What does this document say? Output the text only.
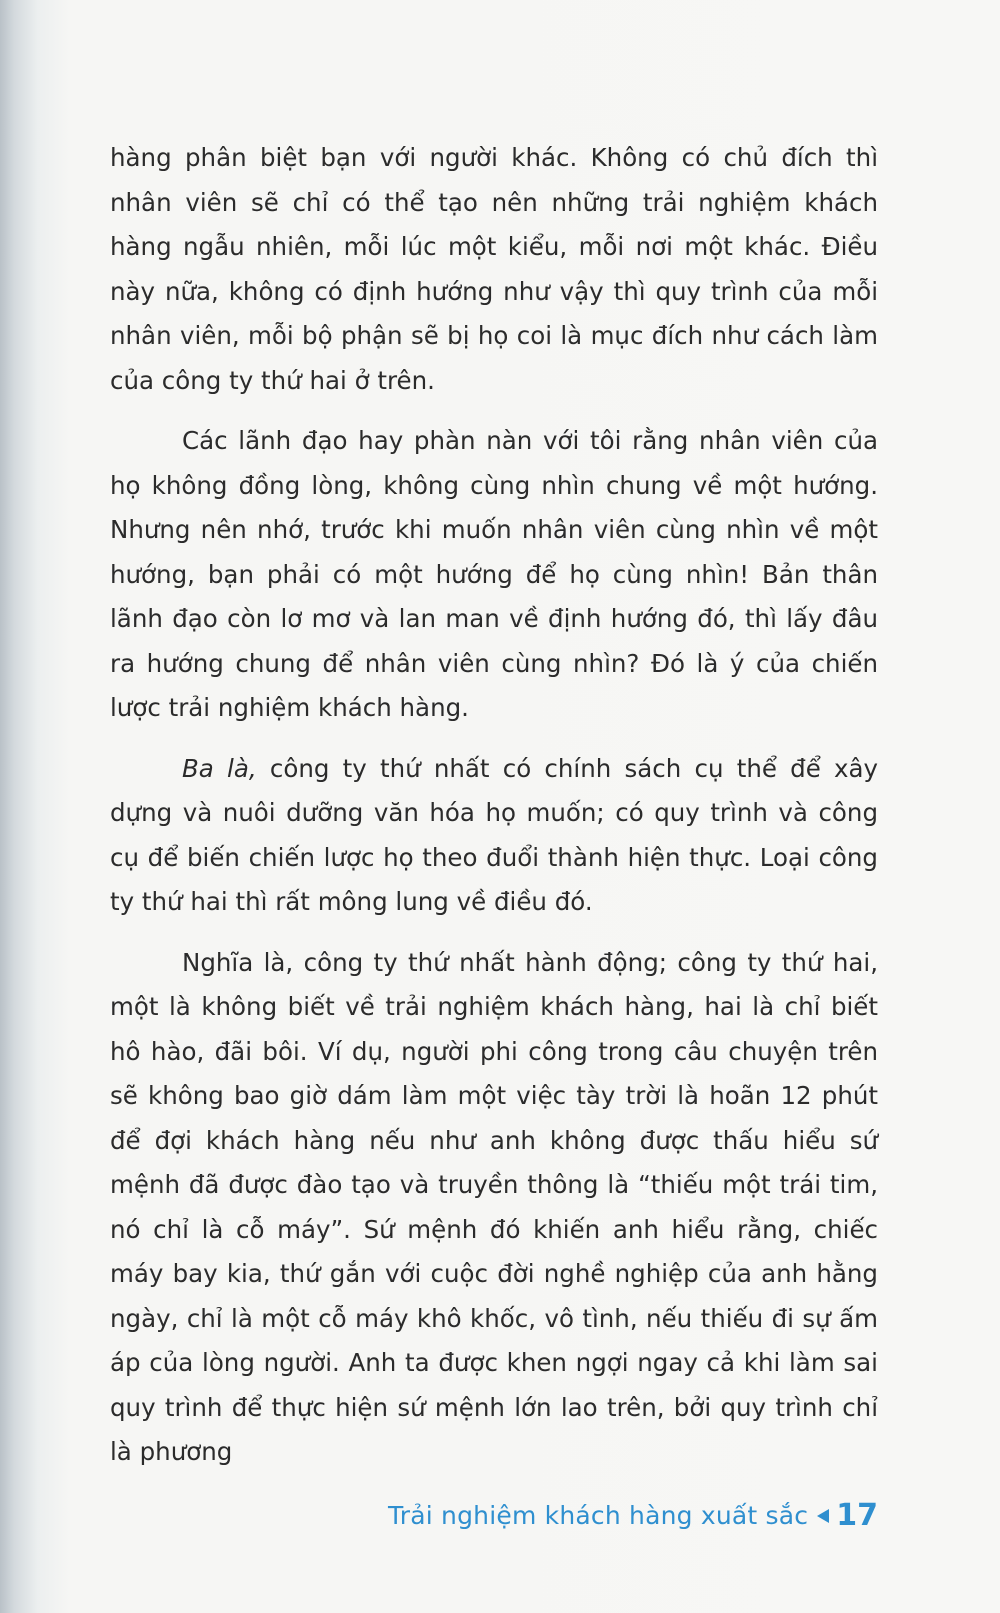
hàng phân biệt bạn với người khác. Không có chủ đích thì nhân viên sẽ chỉ có thể tạo nên những trải nghiệm khách hàng ngẫu nhiên, mỗi lúc một kiểu, mỗi nơi một khác. Điều này nữa, không có định hướng như vậy thì quy trình của mỗi nhân viên, mỗi bộ phận sẽ bị họ coi là mục đích như cách làm của công ty thứ hai ở trên.

Các lãnh đạo hay phàn nàn với tôi rằng nhân viên của họ không đồng lòng, không cùng nhìn chung về một hướng. Nhưng nên nhớ, trước khi muốn nhân viên cùng nhìn về một hướng, bạn phải có một hướng để họ cùng nhìn! Bản thân lãnh đạo còn lơ mơ và lan man về định hướng đó, thì lấy đâu ra hướng chung để nhân viên cùng nhìn? Đó là ý của chiến lược trải nghiệm khách hàng.

Ba là, công ty thứ nhất có chính sách cụ thể để xây dựng và nuôi dưỡng văn hóa họ muốn; có quy trình và công cụ để biến chiến lược họ theo đuổi thành hiện thực. Loại công ty thứ hai thì rất mông lung về điều đó.

Nghĩa là, công ty thứ nhất hành động; công ty thứ hai, một là không biết về trải nghiệm khách hàng, hai là chỉ biết hô hào, đãi bôi. Ví dụ, người phi công trong câu chuyện trên sẽ không bao giờ dám làm một việc tày trời là hoãn 12 phút để đợi khách hàng nếu như anh không được thấu hiểu sứ mệnh đã được đào tạo và truyền thông là “thiếu một trái tim, nó chỉ là cỗ máy”. Sứ mệnh đó khiến anh hiểu rằng, chiếc máy bay kia, thứ gắn với cuộc đời nghề nghiệp của anh hằng ngày, chỉ là một cỗ máy khô khốc, vô tình, nếu thiếu đi sự ấm áp của lòng người. Anh ta được khen ngợi ngay cả khi làm sai quy trình để thực hiện sứ mệnh lớn lao trên, bởi quy trình chỉ là phương

Trải nghiệm khách hàng xuất sắc 17
